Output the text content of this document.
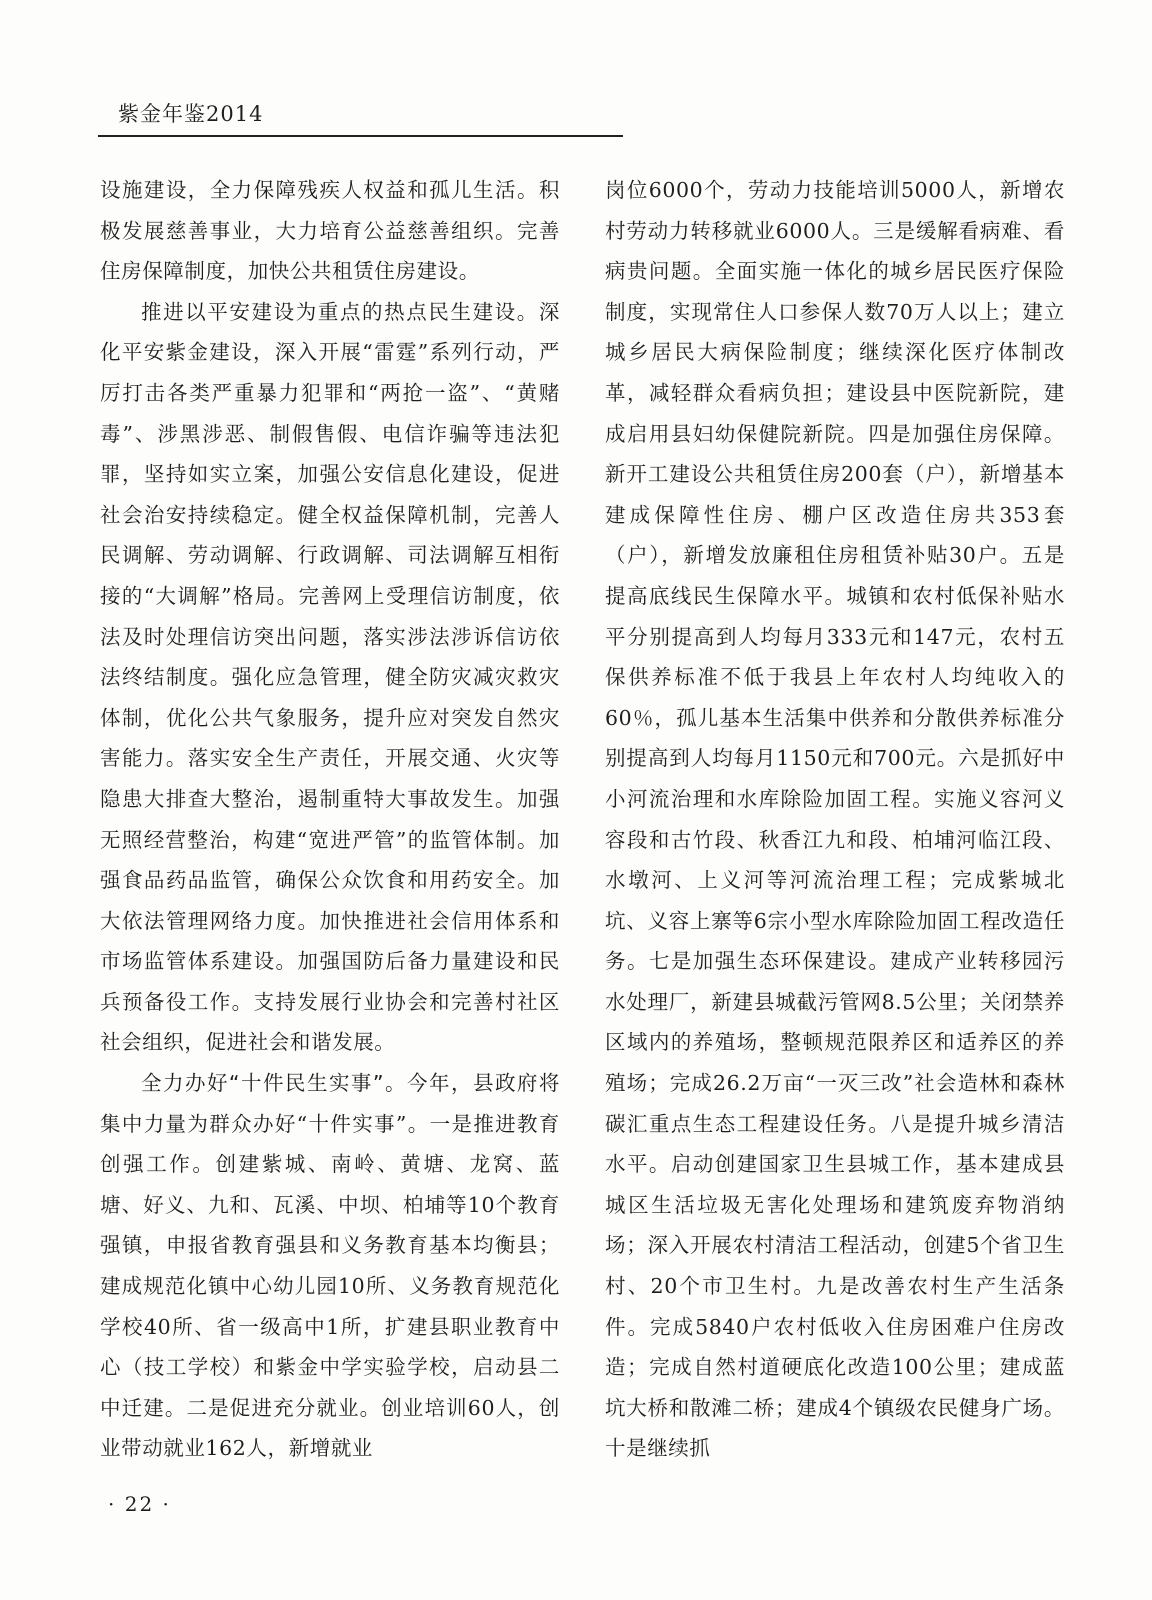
紫金年鉴2014

设施建设，全力保障残疾人权益和孤儿生活。积极发展慈善事业，大力培育公益慈善组织。完善住房保障制度，加快公共租赁住房建设。

推进以平安建设为重点的热点民生建设。深化平安紫金建设，深入开展“雷霆”系列行动，严厉打击各类严重暴力犯罪和“两抢一盗”、“黄赌毒”、涉黑涉恶、制假售假、电信诈骗等违法犯罪，坚持如实立案，加强公安信息化建设，促进社会治安持续稳定。健全权益保障机制，完善人民调解、劳动调解、行政调解、司法调解互相衔接的“大调解”格局。完善网上受理信访制度，依法及时处理信访突出问题，落实涉法涉诉信访依法终结制度。强化应急管理，健全防灾减灾救灾体制，优化公共气象服务，提升应对突发自然灾害能力。落实安全生产责任，开展交通、火灾等隐患大排查大整治，遏制重特大事故发生。加强无照经营整治，构建“宽进严管”的监管体制。加强食品药品监管，确保公众饮食和用药安全。加大依法管理网络力度。加快推进社会信用体系和市场监管体系建设。加强国防后备力量建设和民兵预备役工作。支持发展行业协会和完善村社区社会组织，促进社会和谐发展。

全力办好“十件民生实事”。今年，县政府将集中力量为群众办好“十件实事”。一是推进教育创强工作。创建紫城、南岭、黄塘、龙窝、蓝塘、好义、九和、瓦溪、中坝、柏埔等10个教育强镇，申报省教育强县和义务教育基本均衡县；建成规范化镇中心幼儿园10所、义务教育规范化学校40所、省一级高中1所，扩建县职业教育中心（技工学校）和紫金中学实验学校，启动县二中迁建。二是促进充分就业。创业培训60人，创业带动就业162人，新增就业

岗位6000个，劳动力技能培训5000人，新增农村劳动力转移就业6000人。三是缓解看病难、看病贵问题。全面实施一体化的城乡居民医疗保险制度，实现常住人口参保人数70万人以上；建立城乡居民大病保险制度；继续深化医疗体制改革，减轻群众看病负担；建设县中医院新院，建成启用县妇幼保健院新院。四是加强住房保障。新开工建设公共租赁住房200套（户），新增基本建成保障性住房、棚户区改造住房共353套（户），新增发放廉租住房租赁补贴30户。五是提高底线民生保障水平。城镇和农村低保补贴水平分别提高到人均每月333元和147元，农村五保供养标准不低于我县上年农村人均纯收入的60％，孤儿基本生活集中供养和分散供养标准分别提高到人均每月1150元和700元。六是抓好中小河流治理和水库除险加固工程。实施义容河义容段和古竹段、秋香江九和段、柏埔河临江段、水墩河、上义河等河流治理工程；完成紫城北坑、义容上寨等6宗小型水库除险加固工程改造任务。七是加强生态环保建设。建成产业转移园污水处理厂，新建县城截污管网8.5公里；关闭禁养区域内的养殖场，整顿规范限养区和适养区的养殖场；完成26.2万亩“一灭三改”社会造林和森林碳汇重点生态工程建设任务。八是提升城乡清洁水平。启动创建国家卫生县城工作，基本建成县城区生活垃圾无害化处理场和建筑废弃物消纳场；深入开展农村清洁工程活动，创建5个省卫生村、20个市卫生村。九是改善农村生产生活条件。完成5840户农村低收入住房困难户住房改造；完成自然村道硬底化改造100公里；建成蓝坑大桥和散滩二桥；建成4个镇级农民健身广场。十是继续抓

· 22 ·
